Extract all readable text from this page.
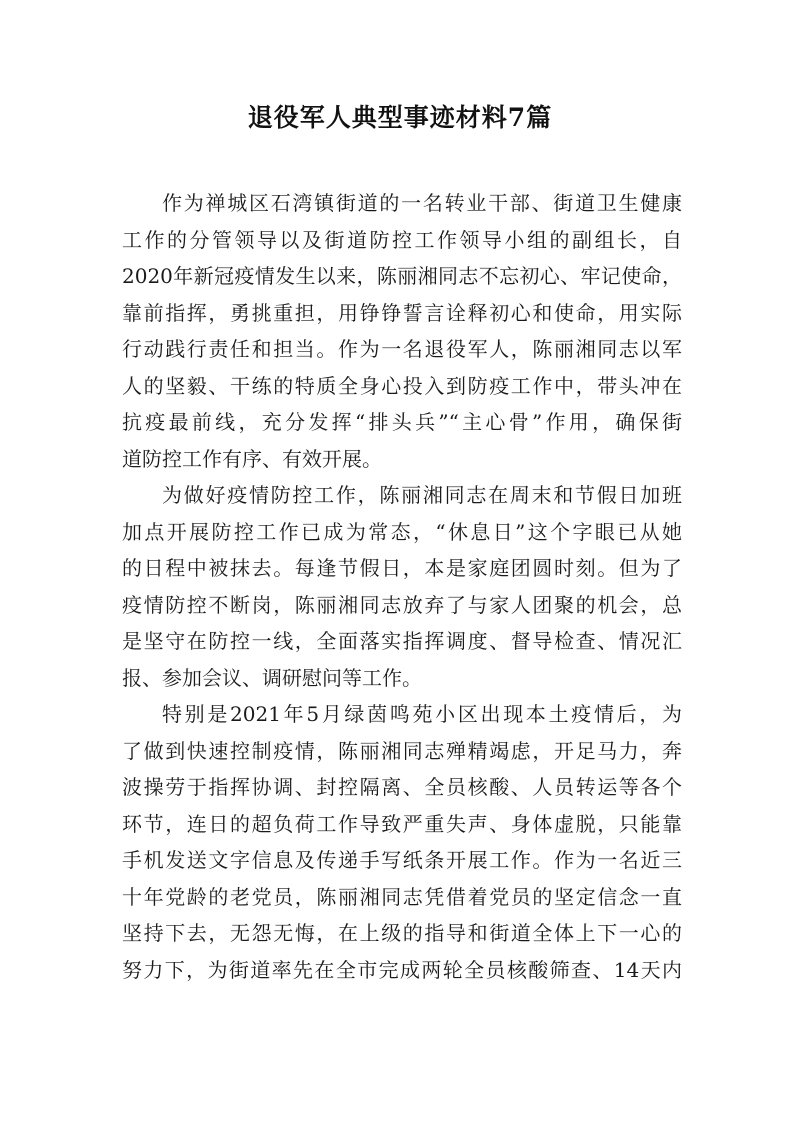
退役军人典型事迹材料7篇
作为禅城区石湾镇街道的一名转业干部、街道卫生健康
工作的分管领导以及街道防控工作领导小组的副组长，自
2020年新冠疫情发生以来，陈丽湘同志不忘初心、牢记使命，
靠前指挥，勇挑重担，用铮铮誓言诠释初心和使命，用实际
行动践行责任和担当。作为一名退役军人，陈丽湘同志以军
人的坚毅、干练的特质全身心投入到防疫工作中，带头冲在
抗疫最前线，充分发挥“排头兵”“主心骨”作用，确保街
道防控工作有序、有效开展。
为做好疫情防控工作，陈丽湘同志在周末和节假日加班
加点开展防控工作已成为常态，“休息日”这个字眼已从她
的日程中被抹去。每逢节假日，本是家庭团圆时刻。但为了
疫情防控不断岗，陈丽湘同志放弃了与家人团聚的机会，总
是坚守在防控一线，全面落实指挥调度、督导检查、情况汇
报、参加会议、调研慰问等工作。
特别是2021年5月绿茵鸣苑小区出现本土疫情后，为
了做到快速控制疫情，陈丽湘同志殚精竭虑，开足马力，奔
波操劳于指挥协调、封控隔离、全员核酸、人员转运等各个
环节，连日的超负荷工作导致严重失声、身体虚脱，只能靠
手机发送文字信息及传递手写纸条开展工作。作为一名近三
十年党龄的老党员，陈丽湘同志凭借着党员的坚定信念一直
坚持下去，无怨无悔，在上级的指导和街道全体上下一心的
努力下，为街道率先在全市完成两轮全员核酸筛查、14天内
